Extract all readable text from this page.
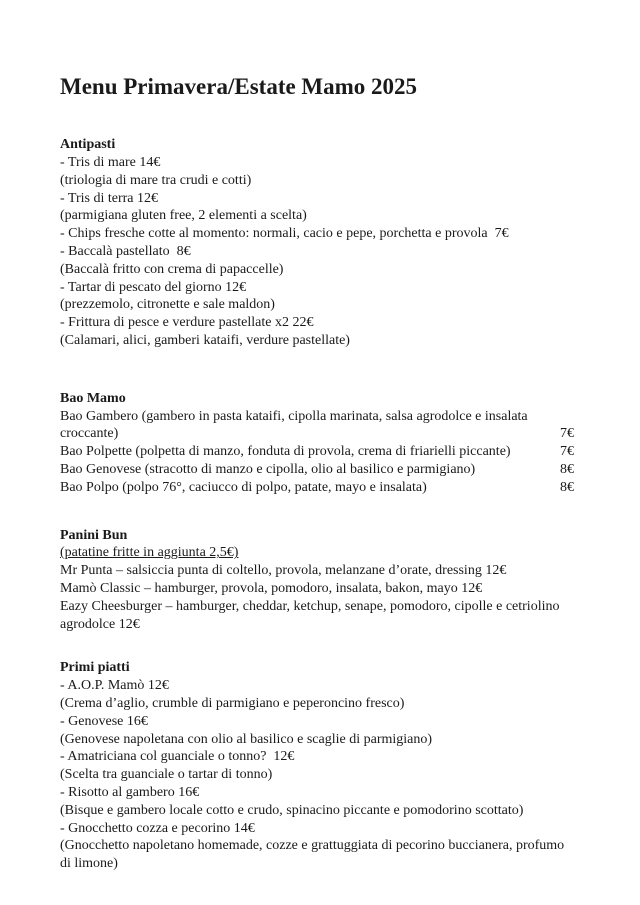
Menu Primavera/Estate Mamo 2025
Antipasti
- Tris di mare 14€
(triologia di mare tra crudi e cotti)
- Tris di terra 12€
(parmigiana gluten free, 2 elementi a scelta)
- Chips fresche cotte al momento: normali, cacio e pepe, porchetta e provola  7€
- Baccalà pastellato  8€
(Baccalà fritto con crema di papaccelle)
- Tartar di pescato del giorno 12€
(prezzemolo, citronette e sale maldon)
- Frittura di pesce e verdure pastellate x2 22€
(Calamari, alici, gamberi kataifi, verdure pastellate)
Bao Mamo
Bao Gambero (gambero in pasta kataifi, cipolla marinata, salsa agrodolce e insalata croccante)	7€
Bao Polpette (polpetta di manzo, fonduta di provola, crema di friarielli piccante)	7€
Bao Genovese (stracotto di manzo e cipolla, olio al basilico e parmigiano)	8€
Bao Polpo (polpo 76°, caciucco di polpo, patate, mayo e insalata)	8€
Panini Bun
(patatine fritte in aggiunta 2,5€)
Mr Punta – salsiccia punta di coltello, provola, melanzane d’orate, dressing 12€
Mamò Classic – hamburger, provola, pomodoro, insalata, bakon, mayo 12€
Eazy Cheesburger – hamburger, cheddar, ketchup, senape, pomodoro, cipolle e cetriolino agrodolce 12€
Primi piatti
- A.O.P. Mamò 12€
(Crema d’aglio, crumble di parmigiano e peperoncino fresco)
- Genovese 16€
(Genovese napoletana con olio al basilico e scaglie di parmigiano)
- Amatriciana col guanciale o tonno?  12€
(Scelta tra guanciale o tartar di tonno)
- Risotto al gambero 16€
(Bisque e gambero locale cotto e crudo, spinacino piccante e pomodorino scottato)
- Gnocchetto cozza e pecorino 14€
(Gnocchetto napoletano homemade, cozze e grattuggiata di pecorino buccianera, profumo di limone)
